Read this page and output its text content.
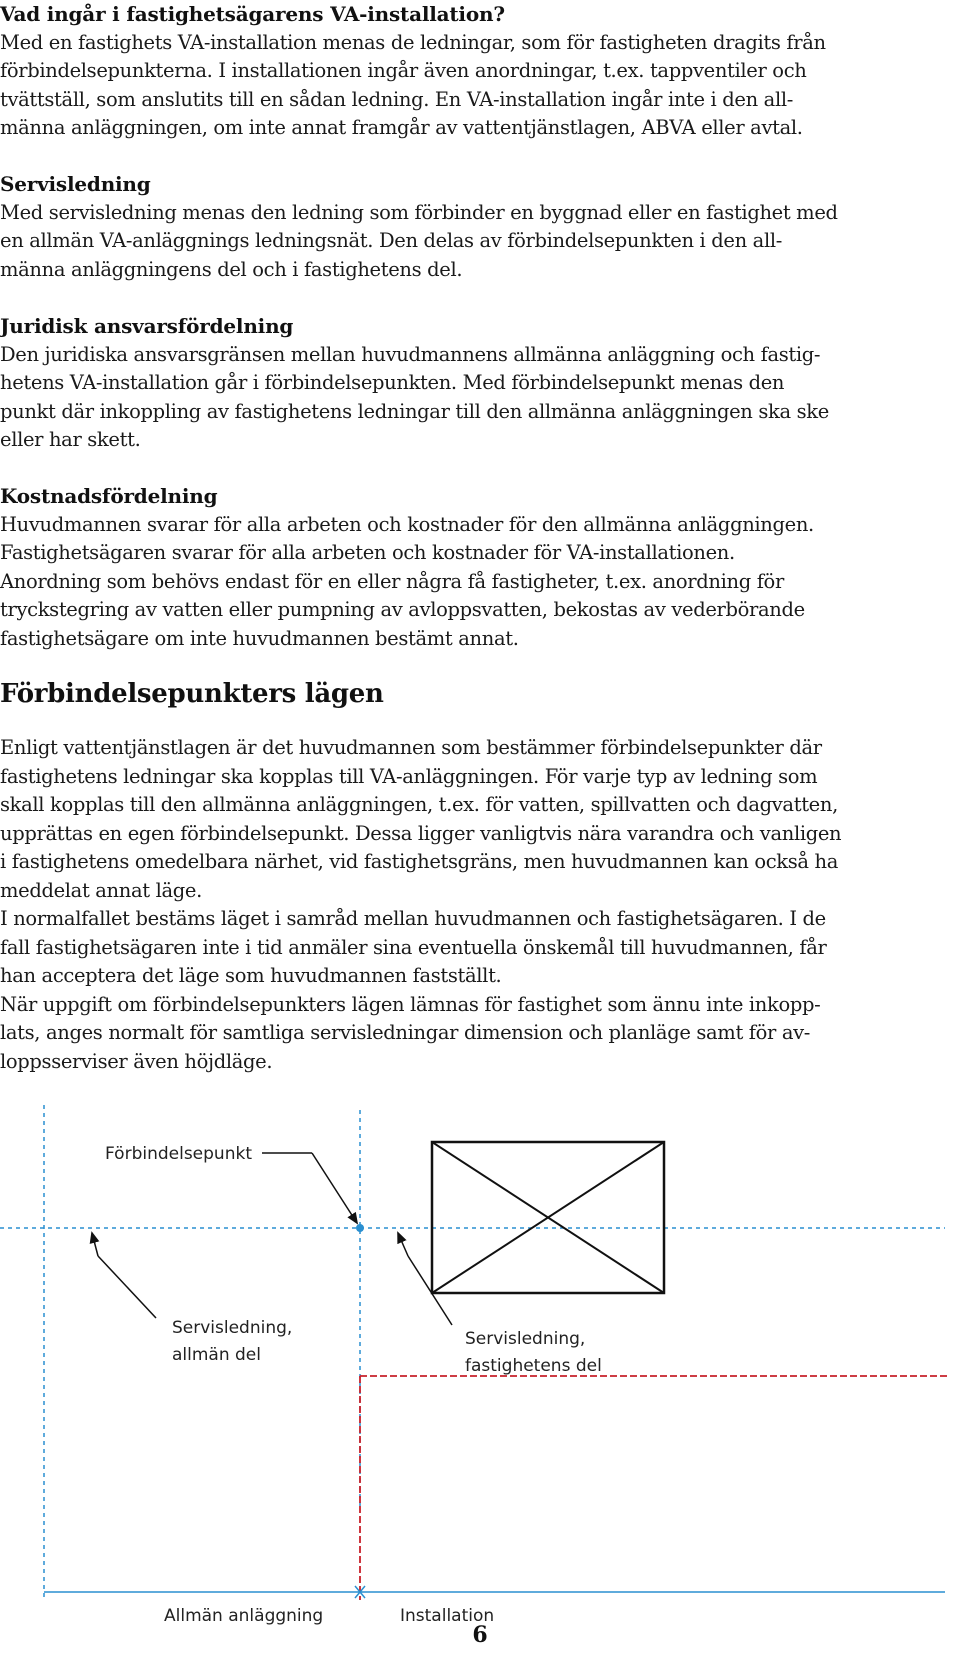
Vad ingår i fastighetsägarens VA-installation?

Med en fastighets VA-installation menas de ledningar, som för fastigheten dragits från

förbindelsepunkterna. I installationen ingår även anordningar, t.ex. tappventiler och

tvättställ, som anslutits till en sådan ledning. En VA-installation ingår inte i den all-

männa anläggningen, om inte annat framgår av vattentjänstlagen, ABVA eller avtal.

Servisledning

Med servisledning menas den ledning som förbinder en byggnad eller en fastighet med

en allmän VA-anläggnings ledningsnät. Den delas av förbindelsepunkten i den all-

männa anläggningens del och i fastighetens del.

Juridisk ansvarsfördelning

Den juridiska ansvarsgränsen mellan huvudmannens allmänna anläggning och fastig-

hetens VA-installation går i förbindelsepunkten. Med förbindelsepunkt menas den

punkt där inkoppling av fastighetens ledningar till den allmänna anläggningen ska ske

eller har skett.

Kostnadsfördelning

Huvudmannen svarar för alla arbeten och kostnader för den allmänna anläggningen.

Fastighetsägaren svarar för alla arbeten och kostnader för VA-installationen.

Anordning som behövs endast för en eller några få fastigheter, t.ex. anordning för

tryckstegring av vatten eller pumpning av avloppsvatten, bekostas av vederbörande

fastighetsägare om inte huvudmannen bestämt annat.

Förbindelsepunkters lägen

Enligt vattentjänstlagen är det huvudmannen som bestämmer förbindelsepunkter där

fastighetens ledningar ska kopplas till VA-anläggningen. För varje typ av ledning som

skall kopplas till den allmänna anläggningen, t.ex. för vatten, spillvatten och dagvatten,

upprättas en egen förbindelsepunkt. Dessa ligger vanligtvis nära varandra och vanligen

i fastighetens omedelbara närhet, vid fastighetsgräns, men huvudmannen kan också ha

meddelat annat läge.

I normalfallet bestäms läget i samråd mellan huvudmannen och fastighetsägaren. I de

fall fastighetsägaren inte i tid anmäler sina eventuella önskemål till huvudmannen, får

han acceptera det läge som huvudmannen fastställt.

När uppgift om förbindelsepunkters lägen lämnas för fastighet som ännu inte inkopp-

lats, anges normalt för samtliga servisledningar dimension och planläge samt för av-

loppsserviser även höjdläge.

Förbindelsepunkt
Servisledning,
allmän del
Servisledning,
fastighetens del
Allmän anläggning	Installation
6
